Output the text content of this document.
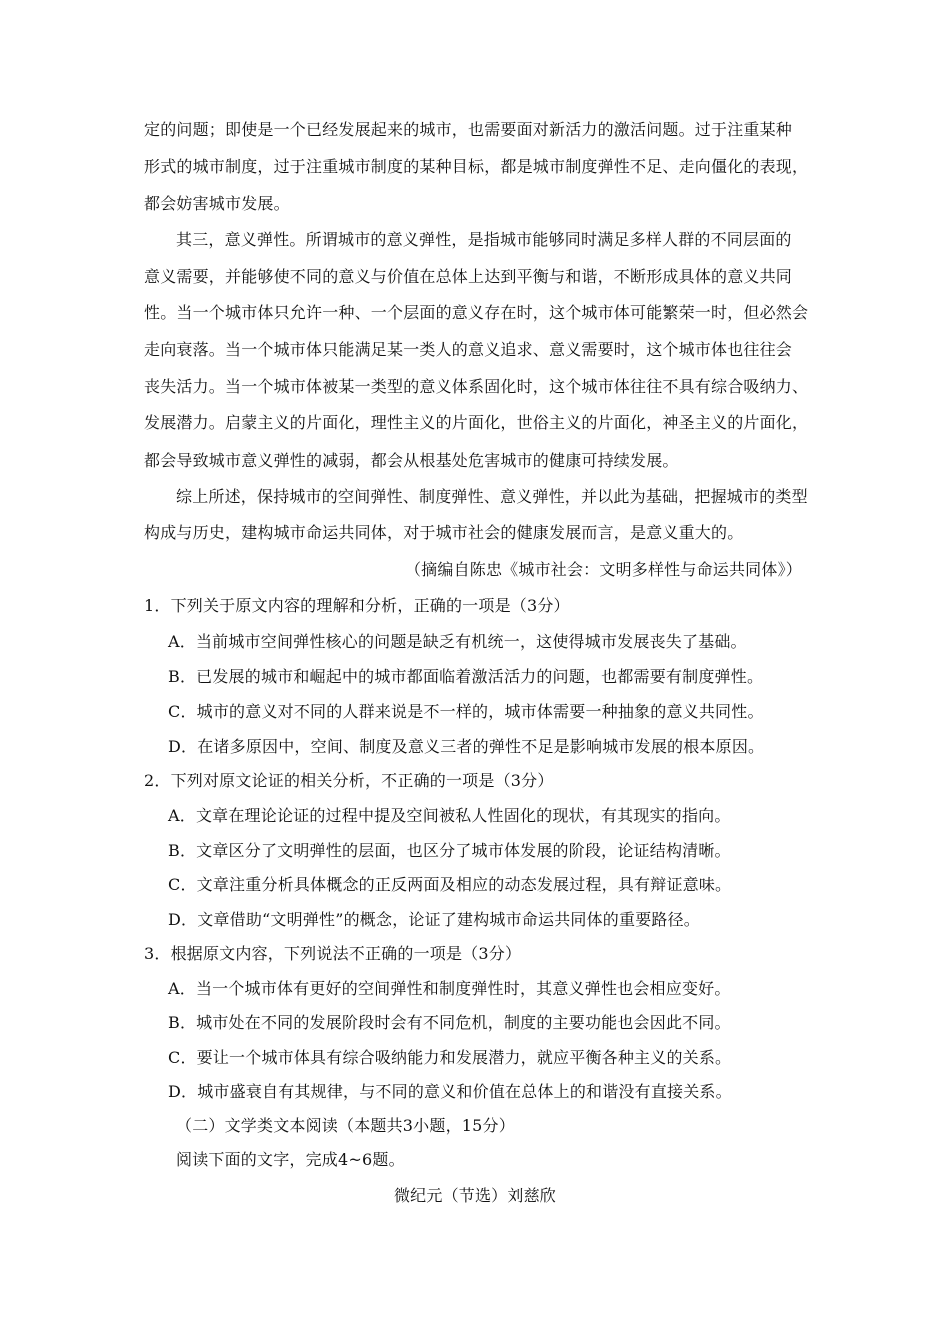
定的问题；即使是一个已经发展起来的城市，也需要面对新活力的激活问题。过于注重某种
形式的城市制度，过于注重城市制度的某种目标，都是城市制度弹性不足、走向僵化的表现，
都会妨害城市发展。
其三，意义弹性。所谓城市的意义弹性，是指城市能够同时满足多样人群的不同层面的
意义需要，并能够使不同的意义与价值在总体上达到平衡与和谐，不断形成具体的意义共同
性。当一个城市体只允许一种、一个层面的意义存在时，这个城市体可能繁荣一时，但必然会
走向衰落。当一个城市体只能满足某一类人的意义追求、意义需要时，这个城市体也往往会
丧失活力。当一个城市体被某一类型的意义体系固化时，这个城市体往往不具有综合吸纳力、
发展潜力。启蒙主义的片面化，理性主义的片面化，世俗主义的片面化，神圣主义的片面化，
都会导致城市意义弹性的减弱，都会从根基处危害城市的健康可持续发展。
综上所述，保持城市的空间弹性、制度弹性、意义弹性，并以此为基础，把握城市的类型
构成与历史，建构城市命运共同体，对于城市社会的健康发展而言，是意义重大的。
（摘编自陈忠《城市社会：文明多样性与命运共同体》）
1．下列关于原文内容的理解和分析，正确的一项是（3分）
A．当前城市空间弹性核心的问题是缺乏有机统一，这使得城市发展丧失了基础。
B．已发展的城市和崛起中的城市都面临着激活活力的问题，也都需要有制度弹性。
C．城市的意义对不同的人群来说是不一样的，城市体需要一种抽象的意义共同性。
D．在诸多原因中，空间、制度及意义三者的弹性不足是影响城市发展的根本原因。
2．下列对原文论证的相关分析，不正确的一项是（3分）
A．文章在理论论证的过程中提及空间被私人性固化的现状，有其现实的指向。
B．文章区分了文明弹性的层面，也区分了城市体发展的阶段，论证结构清晰。
C．文章注重分析具体概念的正反两面及相应的动态发展过程，具有辩证意味。
D．文章借助“文明弹性”的概念，论证了建构城市命运共同体的重要路径。
3．根据原文内容，下列说法不正确的一项是（3分）
A．当一个城市体有更好的空间弹性和制度弹性时，其意义弹性也会相应变好。
B．城市处在不同的发展阶段时会有不同危机，制度的主要功能也会因此不同。
C．要让一个城市体具有综合吸纳能力和发展潜力，就应平衡各种主义的关系。
D．城市盛衰自有其规律，与不同的意义和价值在总体上的和谐没有直接关系。
（二）文学类文本阅读（本题共3小题，15分）
阅读下面的文字，完成4~6题。
微纪元（节选）刘慈欣
